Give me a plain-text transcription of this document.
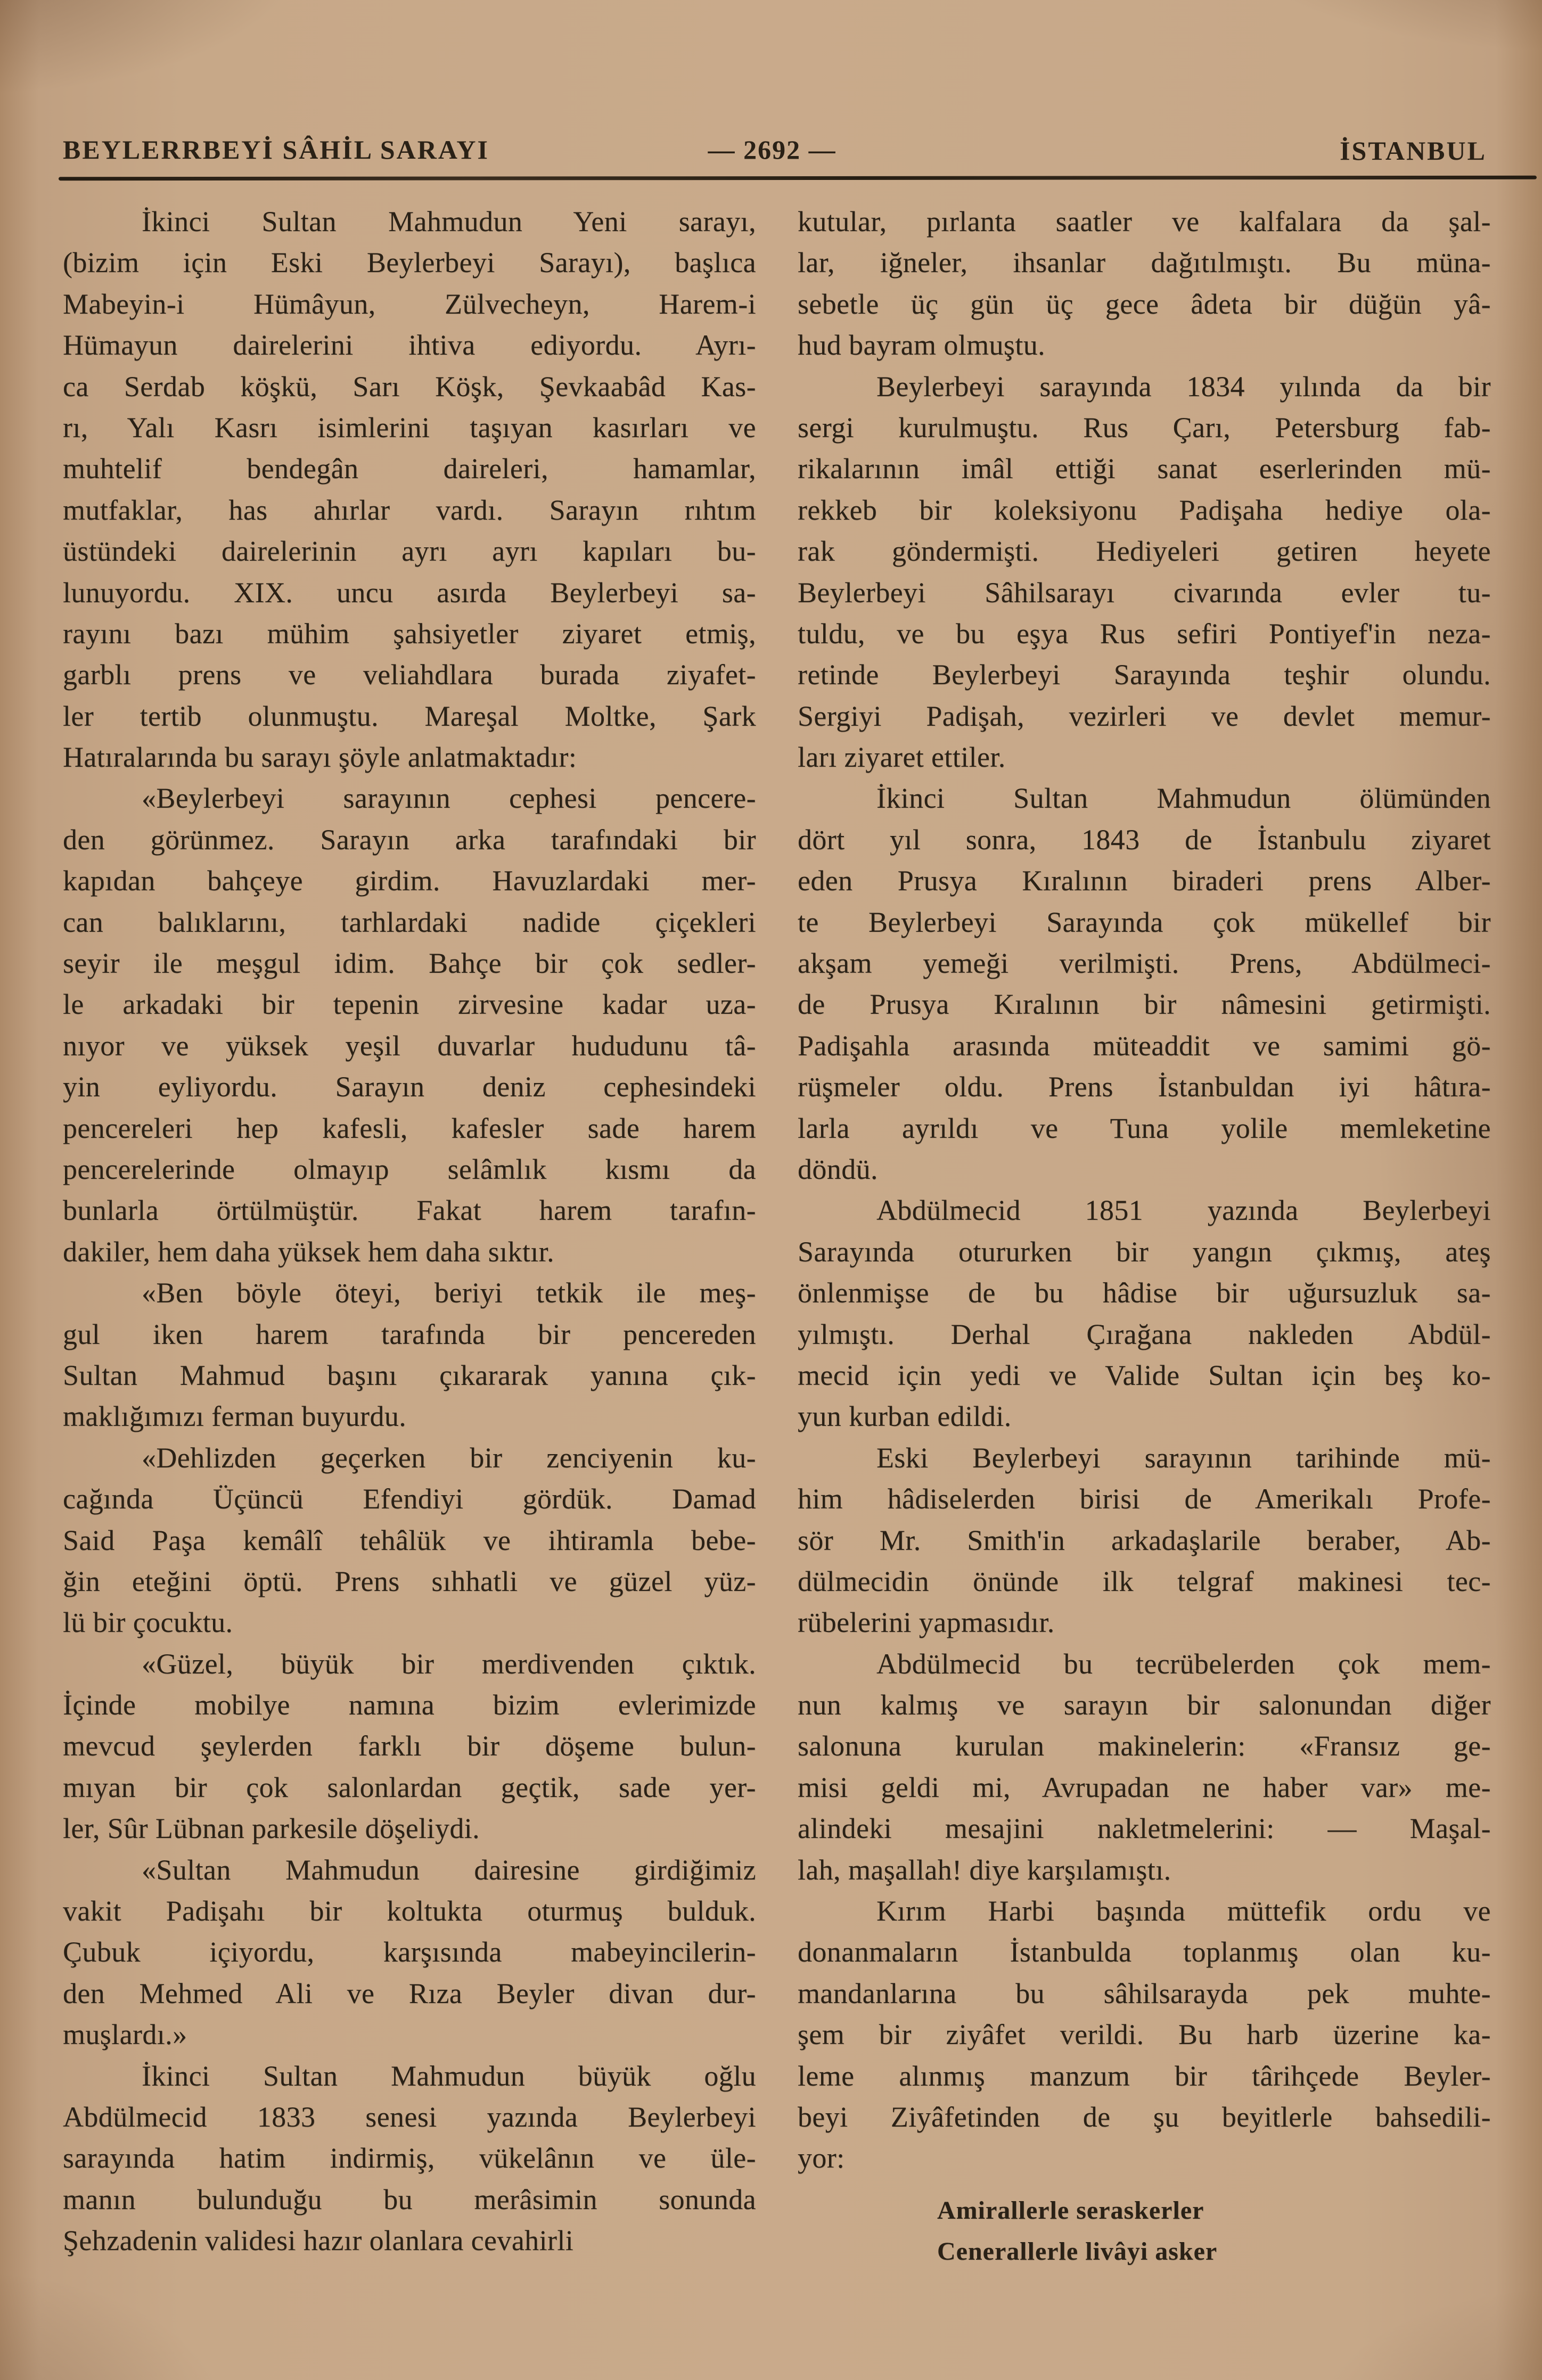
BEYLERRBEYİ SÂHİL SARAYI	— 2692 —	İSTANBUL
İkinci Sultan Mahmudun Yeni sarayı,
(bizim için Eski Beylerbeyi Sarayı), başlıca
Mabeyin-i Hümâyun, Zülvecheyn, Harem-i
Hümayun dairelerini ihtiva ediyordu. Ayrı-
ca Serdab köşkü, Sarı Köşk, Şevkaabâd Kas-
rı, Yalı Kasrı isimlerini taşıyan kasırları ve
muhtelif bendegân daireleri, hamamlar,
mutfaklar, has ahırlar vardı. Sarayın rıhtım
üstündeki dairelerinin ayrı ayrı kapıları bu-
lunuyordu. XIX. uncu asırda Beylerbeyi sa-
rayını bazı mühim şahsiyetler ziyaret etmiş,
garblı prens ve veliahdlara burada ziyafet-
ler tertib olunmuştu. Mareşal Moltke, Şark
Hatıralarında bu sarayı şöyle anlatmaktadır:
«Beylerbeyi sarayının cephesi pencere-
den görünmez. Sarayın arka tarafındaki bir
kapıdan bahçeye girdim. Havuzlardaki mer-
can balıklarını, tarhlardaki nadide çiçekleri
seyir ile meşgul idim. Bahçe bir çok sedler-
le arkadaki bir tepenin zirvesine kadar uza-
nıyor ve yüksek yeşil duvarlar hududunu tâ-
yin eyliyordu. Sarayın deniz cephesindeki
pencereleri hep kafesli, kafesler sade harem
pencerelerinde olmayıp selâmlık kısmı da
bunlarla örtülmüştür. Fakat harem tarafın-
dakiler, hem daha yüksek hem daha sıktır.
«Ben böyle öteyi, beriyi tetkik ile meş-
gul iken harem tarafında bir pencereden
Sultan Mahmud başını çıkararak yanına çık-
maklığımızı ferman buyurdu.
«Dehlizden geçerken bir zenciyenin ku-
cağında Üçüncü Efendiyi gördük. Damad
Said Paşa kemâlî tehâlük ve ihtiramla bebe-
ğin eteğini öptü. Prens sıhhatli ve güzel yüz-
lü bir çocuktu.
«Güzel, büyük bir merdivenden çıktık.
İçinde mobilye namına bizim evlerimizde
mevcud şeylerden farklı bir döşeme bulun-
mıyan bir çok salonlardan geçtik, sade yer-
ler, Sûr Lübnan parkesile döşeliydi.
«Sultan Mahmudun dairesine girdiğimiz
vakit Padişahı bir koltukta oturmuş bulduk.
Çubuk içiyordu, karşısında mabeyincilerin-
den Mehmed Ali ve Rıza Beyler divan dur-
muşlardı.»
İkinci Sultan Mahmudun büyük oğlu
Abdülmecid 1833 senesi yazında Beylerbeyi
sarayında hatim indirmiş, vükelânın ve üle-
manın bulunduğu bu merâsimin sonunda
Şehzadenin validesi hazır olanlara cevahirli
kutular, pırlanta saatler ve kalfalara da şal-
lar, iğneler, ihsanlar dağıtılmıştı. Bu müna-
sebetle üç gün üç gece âdeta bir düğün yâ-
hud bayram olmuştu.
Beylerbeyi sarayında 1834 yılında da bir
sergi kurulmuştu. Rus Çarı, Petersburg fab-
rikalarının imâl ettiği sanat eserlerinden mü-
rekkeb bir koleksiyonu Padişaha hediye ola-
rak göndermişti. Hediyeleri getiren heyete
Beylerbeyi Sâhilsarayı civarında evler tu-
tuldu, ve bu eşya Rus sefiri Pontiyef'in neza-
retinde Beylerbeyi Sarayında teşhir olundu.
Sergiyi Padişah, vezirleri ve devlet memur-
ları ziyaret ettiler.
İkinci Sultan Mahmudun ölümünden
dört yıl sonra, 1843 de İstanbulu ziyaret
eden Prusya Kıralının biraderi prens Alber-
te Beylerbeyi Sarayında çok mükellef bir
akşam yemeği verilmişti. Prens, Abdülmeci-
de Prusya Kıralının bir nâmesini getirmişti.
Padişahla arasında müteaddit ve samimi gö-
rüşmeler oldu. Prens İstanbuldan iyi hâtıra-
larla ayrıldı ve Tuna yolile memleketine
döndü.
Abdülmecid 1851 yazında Beylerbeyi
Sarayında otururken bir yangın çıkmış, ateş
önlenmişse de bu hâdise bir uğursuzluk sa-
yılmıştı. Derhal Çırağana nakleden Abdül-
mecid için yedi ve Valide Sultan için beş ko-
yun kurban edildi.
Eski Beylerbeyi sarayının tarihinde mü-
him hâdiselerden birisi de Amerikalı Profe-
sör Mr. Smith'in arkadaşlarile beraber, Ab-
dülmecidin önünde ilk telgraf makinesi tec-
rübelerini yapmasıdır.
Abdülmecid bu tecrübelerden çok mem-
nun kalmış ve sarayın bir salonundan diğer
salonuna kurulan makinelerin: «Fransız ge-
misi geldi mi, Avrupadan ne haber var» me-
alindeki mesajini nakletmelerini: — Maşal-
lah, maşallah! diye karşılamıştı.
Kırım Harbi başında müttefik ordu ve
donanmaların İstanbulda toplanmış olan ku-
mandanlarına bu sâhilsarayda pek muhte-
şem bir ziyâfet verildi. Bu harb üzerine ka-
leme alınmış manzum bir târihçede Beyler-
beyi Ziyâfetinden de şu beyitlerle bahsedili-
yor:
Amirallerle seraskerler
Cenerallerle livâyi asker
